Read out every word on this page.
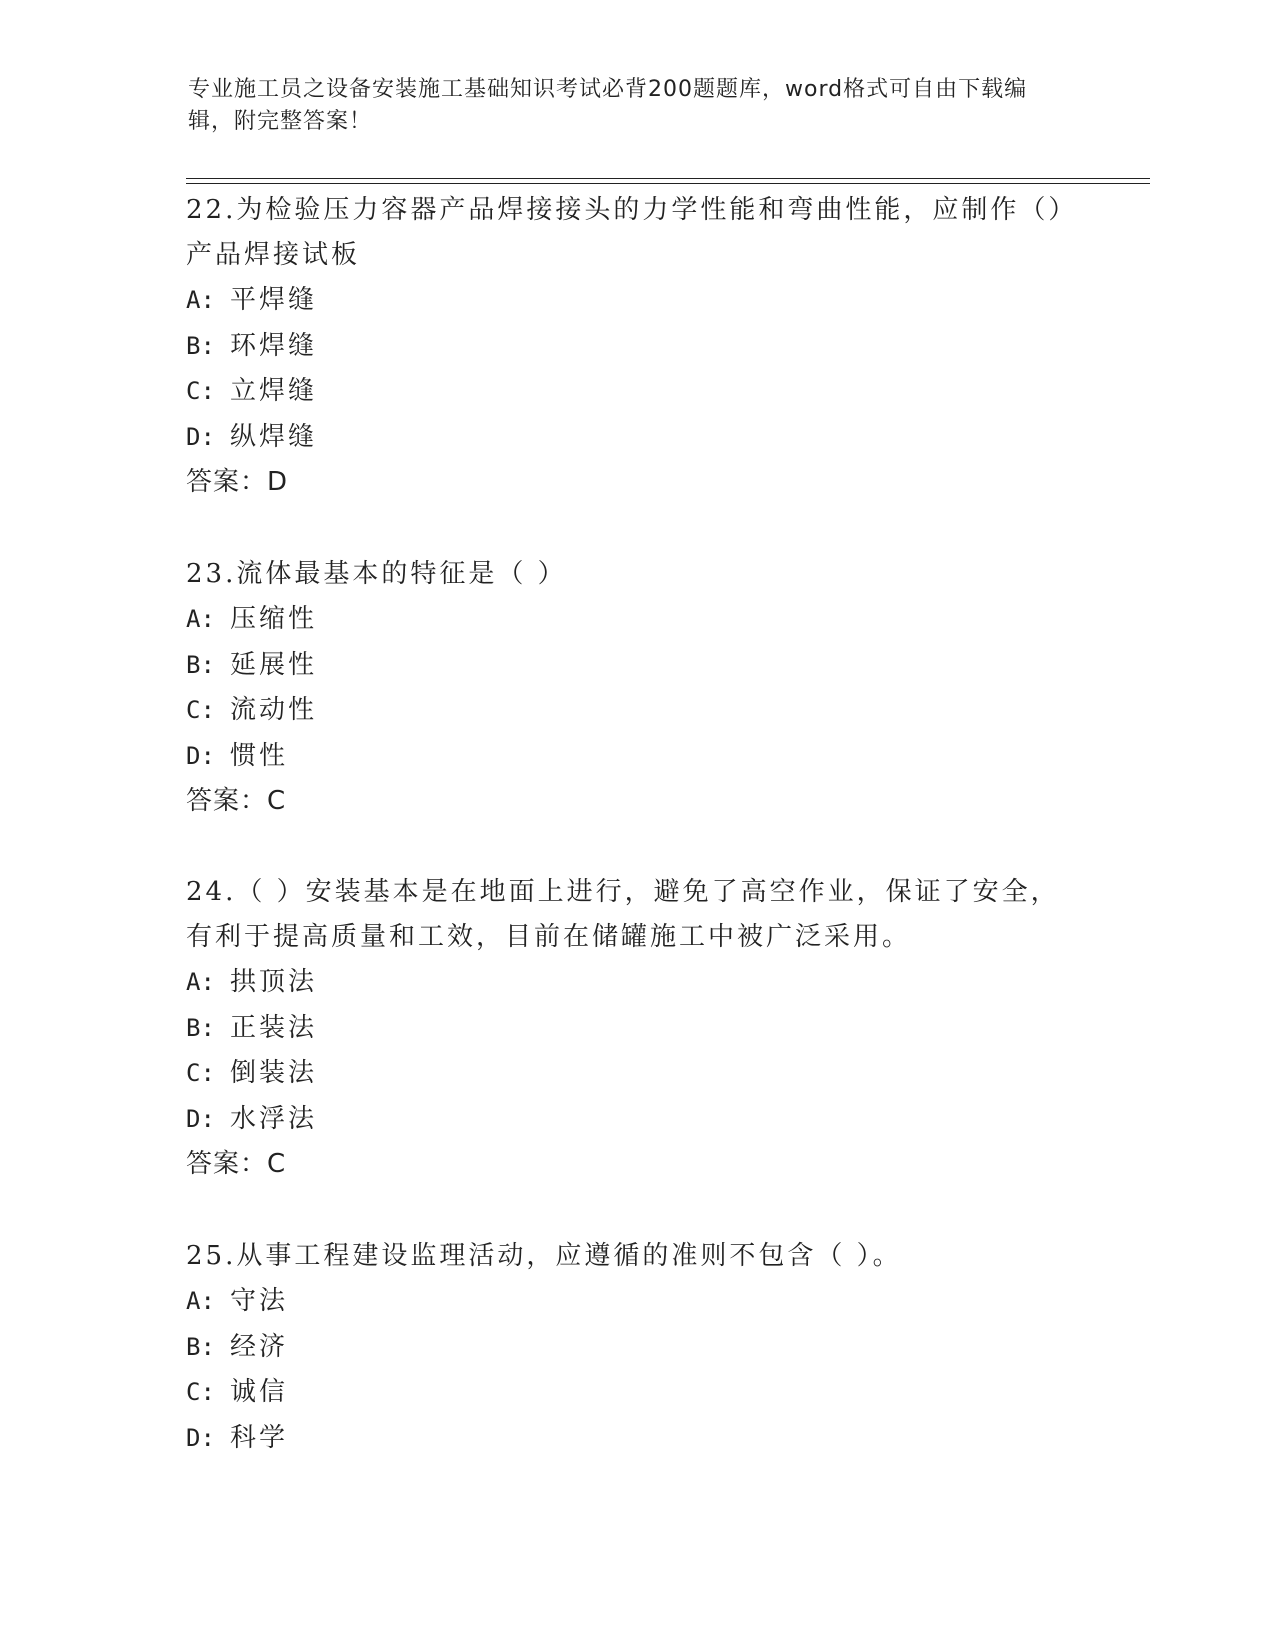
专业施工员之设备安装施工基础知识考试必背200题题库，word格式可自由下载编辑，附完整答案！

22.为检验压力容器产品焊接接头的力学性能和弯曲性能，应制作（）产品焊接试板

A: 平焊缝

B: 环焊缝

C: 立焊缝

D: 纵焊缝

答案：D

23.流体最基本的特征是（ ）

A: 压缩性

B: 延展性

C: 流动性

D: 惯性

答案：C

24.（ ）安装基本是在地面上进行，避免了高空作业，保证了安全，有利于提高质量和工效，目前在储罐施工中被广泛采用。

A: 拱顶法

B: 正装法

C: 倒装法

D: 水浮法

答案：C

25.从事工程建设监理活动，应遵循的准则不包含（ ）。

A: 守法

B: 经济

C: 诚信

D: 科学
